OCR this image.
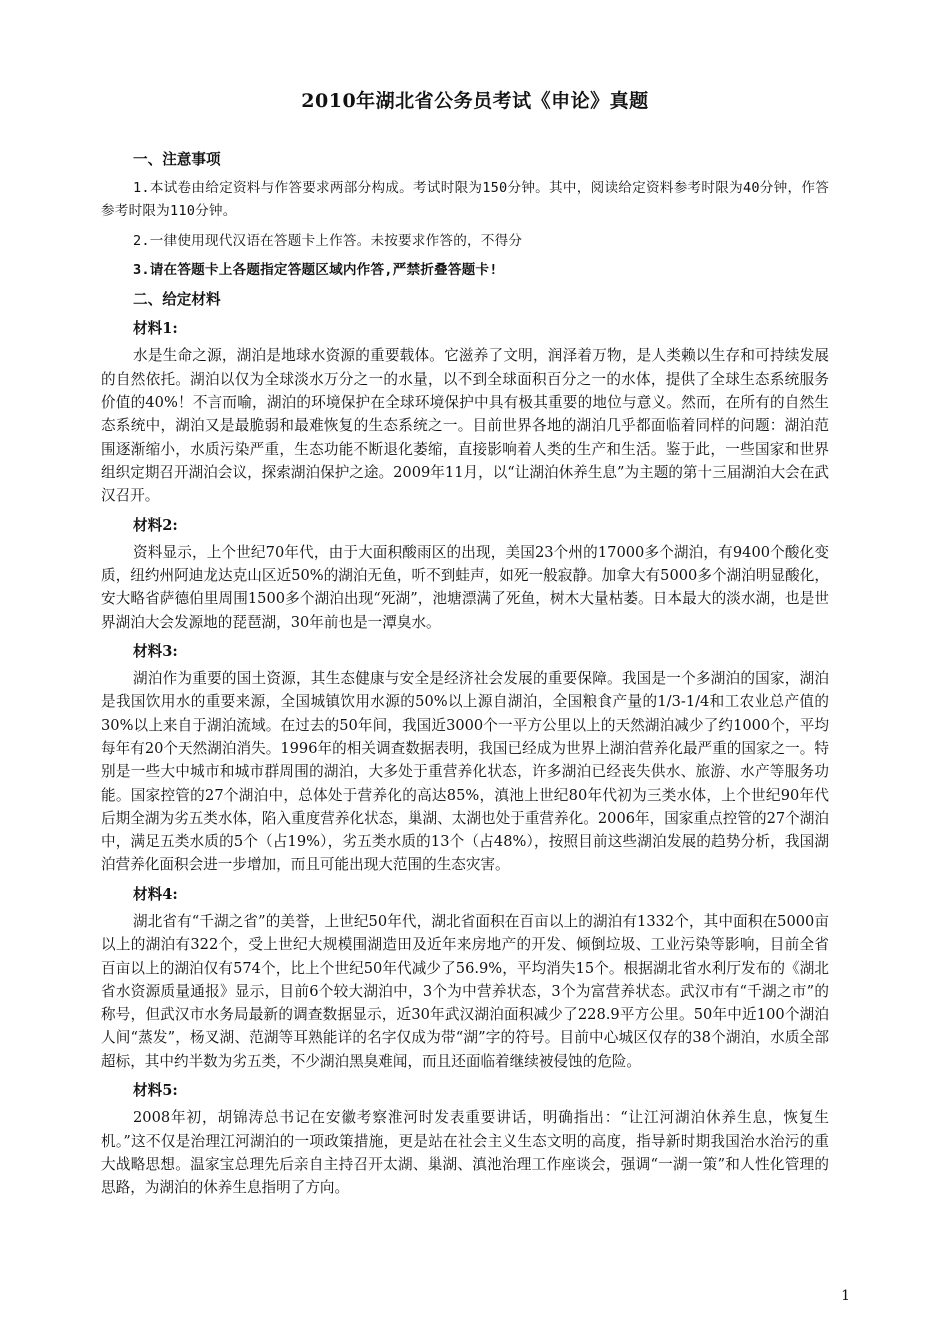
2010年湖北省公务员考试《申论》真题
一、注意事项
1.本试卷由给定资料与作答要求两部分构成。考试时限为150分钟。其中，阅读给定资料参考时限为40分钟，作答参考时限为110分钟。
2.一律使用现代汉语在答题卡上作答。未按要求作答的，不得分
3.请在答题卡上各题指定答题区域内作答,严禁折叠答题卡!
二、给定材料
材料1:
水是生命之源，湖泊是地球水资源的重要载体。它滋养了文明，润泽着万物，是人类赖以生存和可持续发展的自然依托。湖泊以仅为全球淡水万分之一的水量，以不到全球面积百分之一的水体，提供了全球生态系统服务价值的40%！不言而喻，湖泊的环境保护在全球环境保护中具有极其重要的地位与意义。然而，在所有的自然生态系统中，湖泊又是最脆弱和最难恢复的生态系统之一。目前世界各地的湖泊几乎都面临着同样的问题：湖泊范围逐渐缩小，水质污染严重，生态功能不断退化萎缩，直接影响着人类的生产和生活。鉴于此，一些国家和世界组织定期召开湖泊会议，探索湖泊保护之途。2009年11月，以“让湖泊休养生息”为主题的第十三届湖泊大会在武汉召开。
材料2:
资料显示，上个世纪70年代，由于大面积酸雨区的出现，美国23个州的17000多个湖泊，有9400个酸化变质，纽约州阿迪龙达克山区近50%的湖泊无鱼，听不到蛙声，如死一般寂静。加拿大有5000多个湖泊明显酸化，安大略省萨德伯里周围1500多个湖泊出现“死湖”，池塘漂满了死鱼，树木大量枯萎。日本最大的淡水湖，也是世界湖泊大会发源地的琵琶湖，30年前也是一潭臭水。
材料3:
湖泊作为重要的国土资源，其生态健康与安全是经济社会发展的重要保障。我国是一个多湖泊的国家，湖泊是我国饮用水的重要来源，全国城镇饮用水源的50%以上源自湖泊，全国粮食产量的1/3-1/4和工农业总产值的30%以上来自于湖泊流域。在过去的50年间，我国近3000个一平方公里以上的天然湖泊减少了约1000个，平均每年有20个天然湖泊消失。1996年的相关调查数据表明，我国已经成为世界上湖泊营养化最严重的国家之一。特别是一些大中城市和城市群周围的湖泊，大多处于重营养化状态，许多湖泊已经丧失供水、旅游、水产等服务功能。国家控管的27个湖泊中，总体处于营养化的高达85%，滇池上世纪80年代初为三类水体，上个世纪90年代后期全湖为劣五类水体，陷入重度营养化状态，巢湖、太湖也处于重营养化。2006年，国家重点控管的27个湖泊中，满足五类水质的5个（占19%），劣五类水质的13个（占48%），按照目前这些湖泊发展的趋势分析，我国湖泊营养化面积会进一步增加，而且可能出现大范围的生态灾害。
材料4:
湖北省有“千湖之省”的美誉，上世纪50年代，湖北省面积在百亩以上的湖泊有1332个，其中面积在5000亩以上的湖泊有322个，受上世纪大规模围湖造田及近年来房地产的开发、倾倒垃圾、工业污染等影响，目前全省百亩以上的湖泊仅有574个，比上个世纪50年代减少了56.9%，平均消失15个。根据湖北省水利厅发布的《湖北省水资源质量通报》显示，目前6个较大湖泊中，3个为中营养状态，3个为富营养状态。武汉市有“千湖之市”的称号，但武汉市水务局最新的调查数据显示，近30年武汉湖泊面积减少了228.9平方公里。50年中近100个湖泊人间“蒸发”，杨叉湖、范湖等耳熟能详的名字仅成为带“湖”字的符号。目前中心城区仅存的38个湖泊，水质全部超标，其中约半数为劣五类，不少湖泊黑臭难闻，而且还面临着继续被侵蚀的危险。
材料5:
2008年初，胡锦涛总书记在安徽考察淮河时发表重要讲话，明确指出：“让江河湖泊休养生息，恢复生机。”这不仅是治理江河湖泊的一项政策措施，更是站在社会主义生态文明的高度，指导新时期我国治水治污的重大战略思想。温家宝总理先后亲自主持召开太湖、巢湖、滇池治理工作座谈会，强调“一湖一策”和人性化管理的思路，为湖泊的休养生息指明了方向。
1
